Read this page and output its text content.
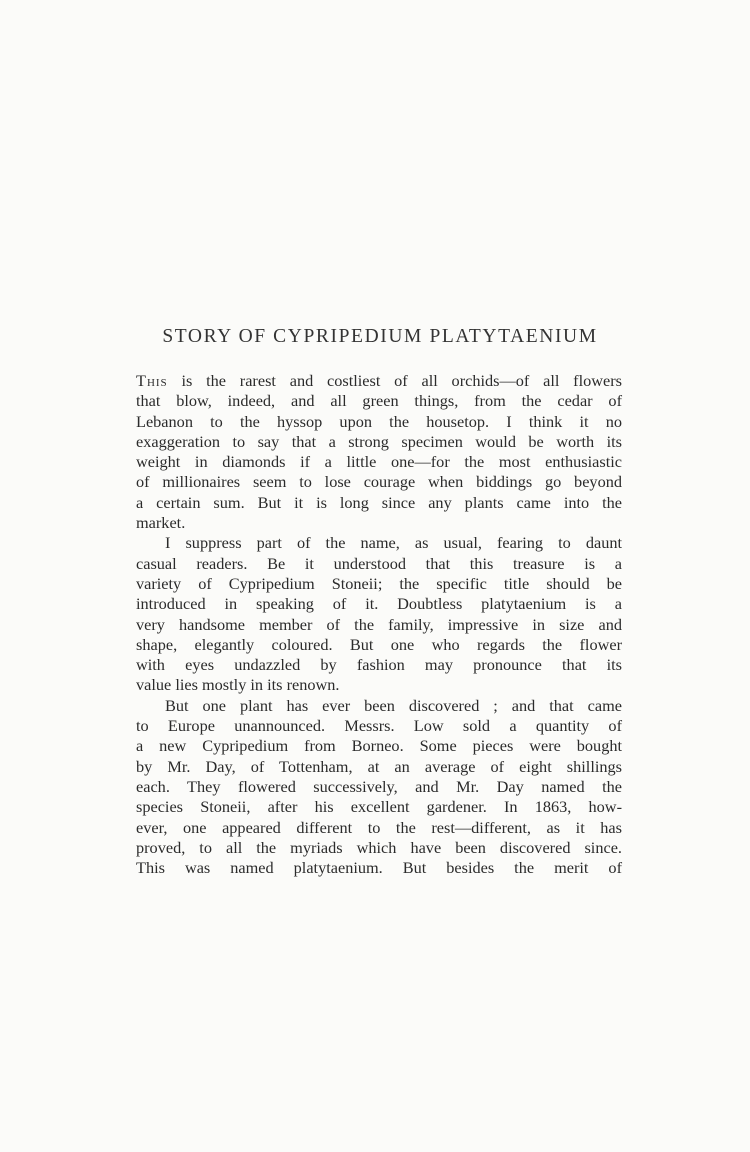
STORY OF CYPRIPEDIUM PLATYTAENIUM
This is the rarest and costliest of all orchids—of all flowers
that blow, indeed, and all green things, from the cedar of
Lebanon to the hyssop upon the housetop. I think it no
exaggeration to say that a strong specimen would be worth its
weight in diamonds if a little one—for the most enthusiastic
of millionaires seem to lose courage when biddings go beyond
a certain sum. But it is long since any plants came into the
market.
I suppress part of the name, as usual, fearing to daunt
casual readers. Be it understood that this treasure is a
variety of Cypripedium Stoneii; the specific title should be
introduced in speaking of it. Doubtless platytaenium is a
very handsome member of the family, impressive in size and
shape, elegantly coloured. But one who regards the flower
with eyes undazzled by fashion may pronounce that its
value lies mostly in its renown.
But one plant has ever been discovered ; and that came
to Europe unannounced. Messrs. Low sold a quantity of
a new Cypripedium from Borneo. Some pieces were bought
by Mr. Day, of Tottenham, at an average of eight shillings
each. They flowered successively, and Mr. Day named the
species Stoneii, after his excellent gardener. In 1863, how-
ever, one appeared different to the rest—different, as it has
proved, to all the myriads which have been discovered since.
This was named platytaenium. But besides the merit of
